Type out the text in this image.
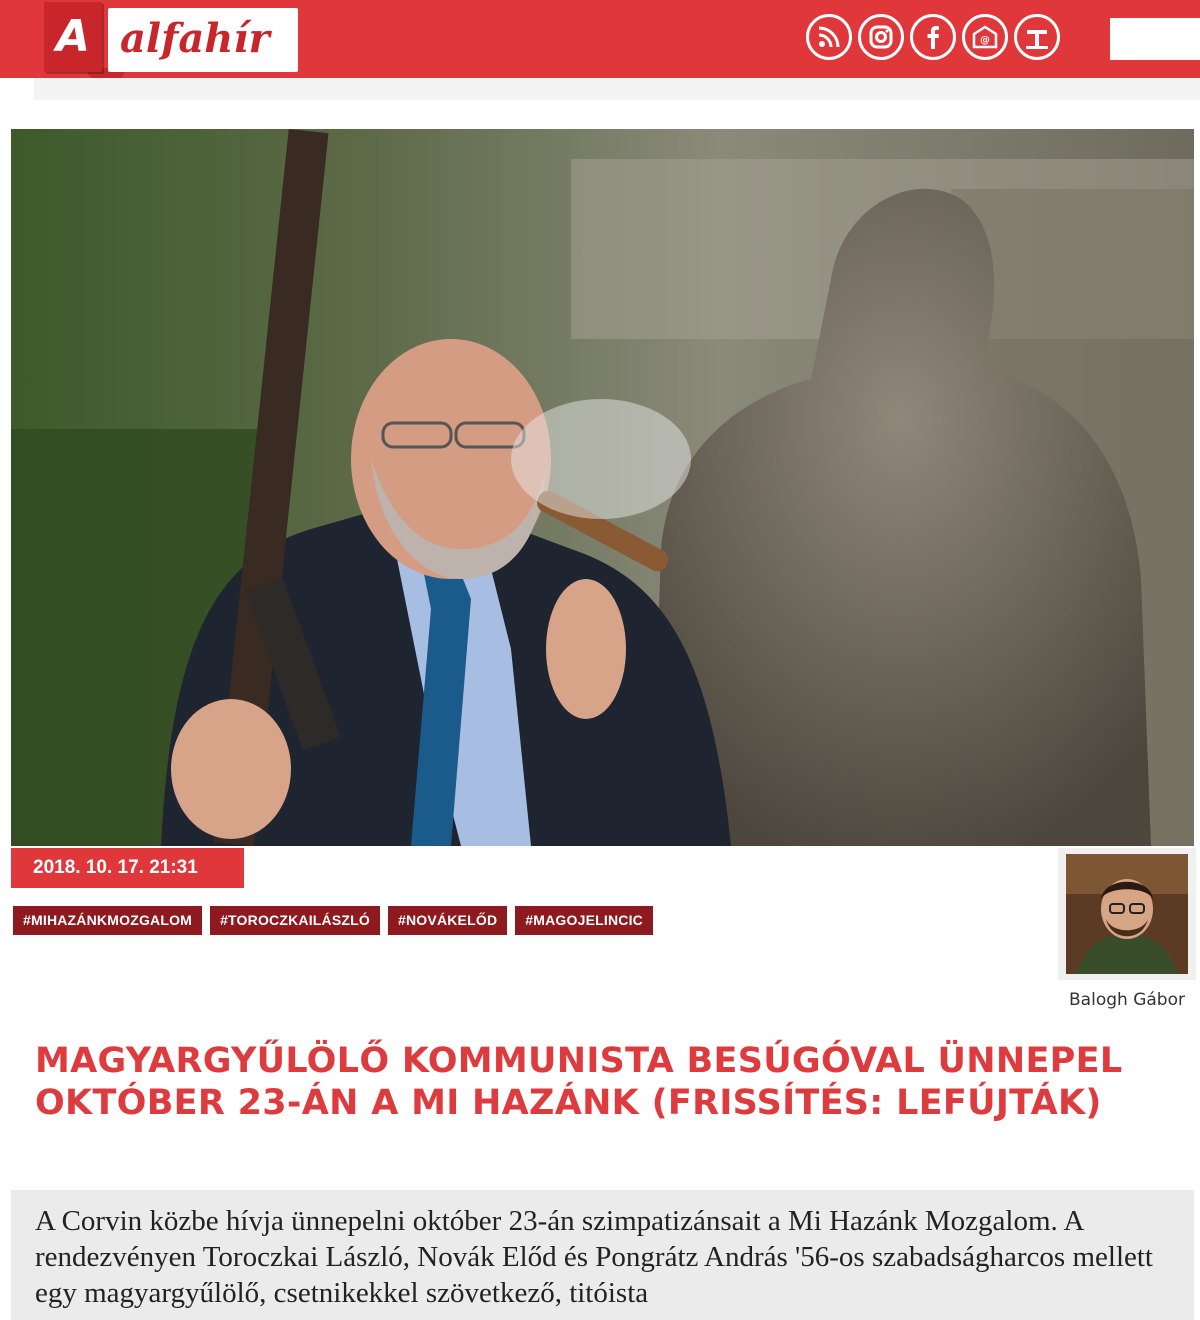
A alfahír	@
2018. 10. 17. 21:31
#MIHAZÁNKMOZGALOM	#TOROCZKAILÁSZLÓ	#NOVÁKELŐD	#MAGOJELINCIC
Balogh Gábor
MAGYARGYŰLÖLŐ KOMMUNISTA BESÚGÓVAL ÜNNEPEL OKTÓBER 23-ÁN A MI HAZÁNK (FRISSÍTÉS: LEFÚJTÁK)

A Corvin közbe hívja ünnepelni október 23-án szimpatizánsait a Mi Hazánk Mozgalom. A rendezvényen Toroczkai László, Novák Előd és Pongrátz András '56-os szabadságharcos mellett egy magyargyűlölő, csetnikekkel szövetkező, titóista
